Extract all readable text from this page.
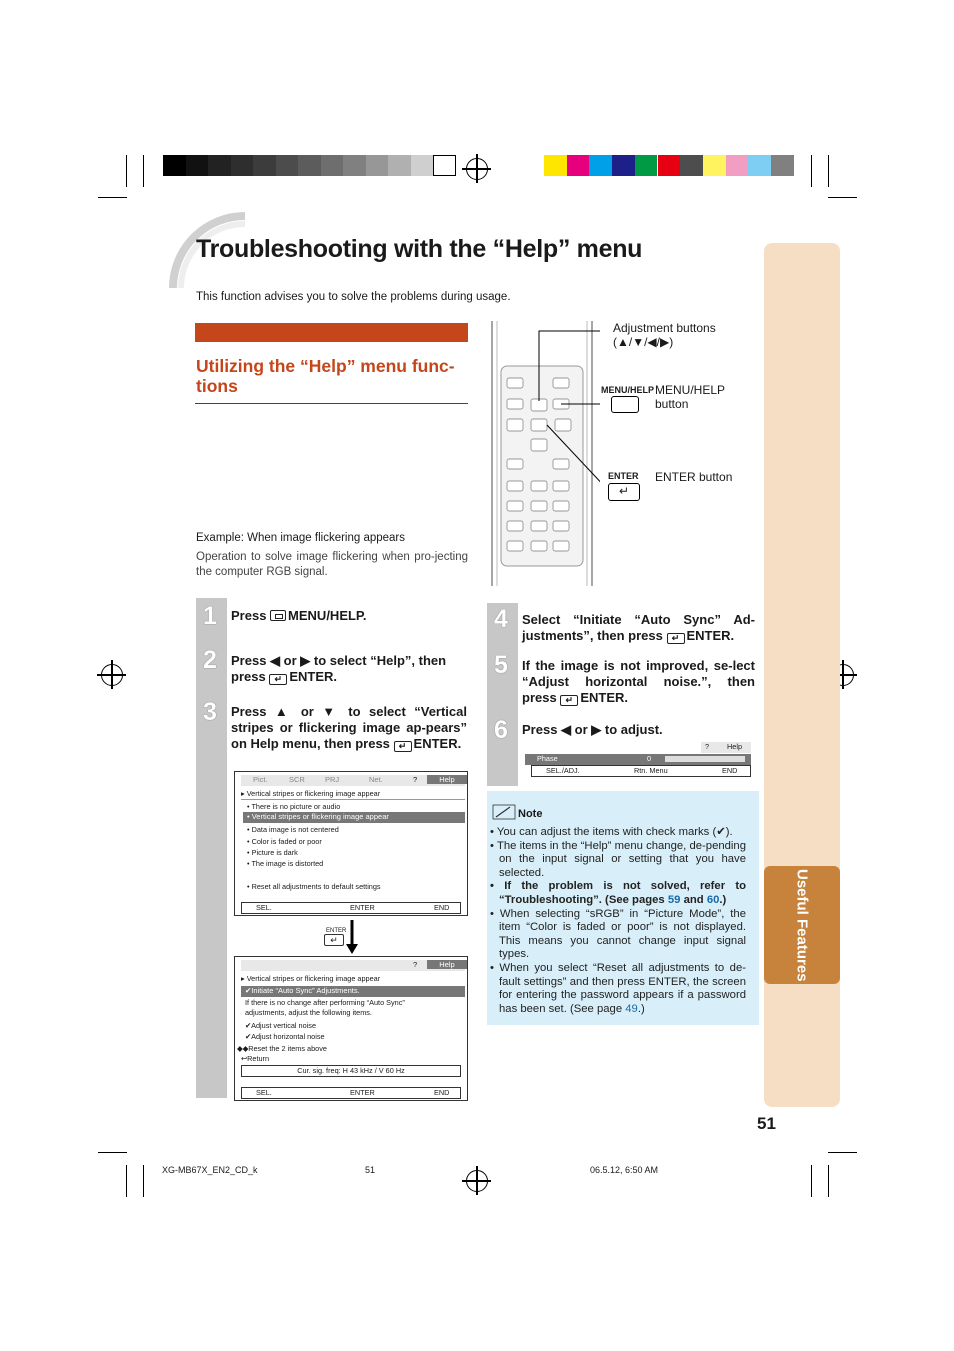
Troubleshooting with the “Help” menu
This function advises you to solve the problems during usage.
Utilizing the “Help” menu func-tions
Example: When image flickering appears
Operation to solve image flickering when pro-jecting the computer RGB signal.
Adjustment buttons
(▲/▼/◀/▶)
MENU/HELP MENU/HELP button
ENTER
↵
ENTER button
1
2
3
Press MENU/HELP.
Press ◀ or ▶ to select “Help”, then press ↵ ENTER.
Press ▲ or ▼ to select “Vertical stripes or flickering image ap-pears” on Help menu, then press ↵ ENTER.
Pict.	SCR	PRJ	Net.	?	Help
▸ Vertical stripes or flickering image appear
• There is no picture or audio
• Vertical stripes or flickering image appear
• Data image is not centered
• Color is faded or poor
• Picture is dark
• The image is distorted
• Reset all adjustments to default settings
SEL.	ENTER	END
ENTER
↵
?	Help
▸ Vertical stripes or flickering image appear
✔Initiate “Auto Sync” Adjustments.
If there is no change after performing “Auto Sync”
adjustments, adjust the following items.
✔Adjust vertical noise
✔Adjust horizontal noise
◆◆Reset the 2 items above
↩Return
Cur. sig. freq: H 43 kHz / V 60 Hz
SEL.	ENTER	END
4
5
6
Select “Initiate “Auto Sync” Ad-justments”, then press ↵ ENTER.
If the image is not improved, se-lect “Adjust horizontal noise.”, then press ↵ ENTER.
Press ◀ or ▶ to adjust.
? Help
Phase	0
SEL./ADJ.	Rtn. Menu	END
Note
• You can adjust the items with check marks (✔).
• The items in the “Help” menu change, de-pending on the input signal or setting that you have selected.
• If the problem is not solved, refer to “Troubleshooting”. (See pages 59 and 60.)
• When selecting “sRGB” in “Picture Mode”, the item “Color is faded or poor” is not displayed. This means you cannot change input signal types.
• When you select “Reset all adjustments to de-fault settings” and then press ENTER, the screen for entering the password appears if a password has been set. (See page 49.)
Useful Features
51
XG-MB67X_EN2_CD_k	51	06.5.12, 6:50 AM
